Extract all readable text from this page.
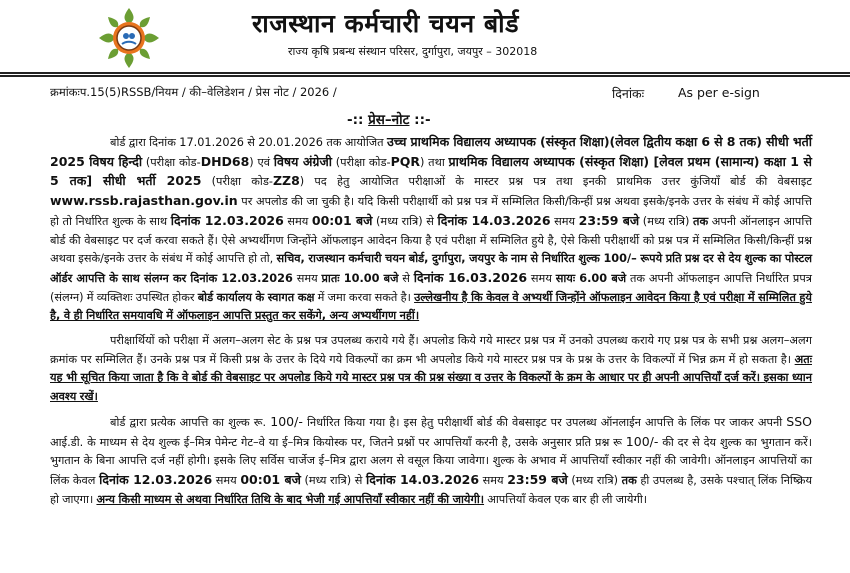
राजस्थान कर्मचारी चयन बोर्ड
राज्य कृषि प्रबन्ध संस्थान परिसर, दुर्गापुरा, जयपुर – 302018
क्रमांकःप.15(5)RSSB/नियम / की–वेलिडेशन / प्रेस नोट / 2026 /	दिनांकः	As per e-sign
-:: प्रेस–नोट ::-

बोर्ड द्वारा दिनांक 17.01.2026 से 20.01.2026 तक आयोजित उच्च प्राथमिक विद्यालय अध्यापक (संस्कृत शिक्षा)(लेवल द्वितीय कक्षा 6 से 8 तक) सीधी भर्ती 2025 विषय हिन्दी (परीक्षा कोड-DHD68) एवं विषय अंग्रेजी (परीक्षा कोड-PQR) तथा प्राथमिक विद्यालय अध्यापक (संस्कृत शिक्षा) [लेवल प्रथम (सामान्य) कक्षा 1 से 5 तक] सीधी भर्ती 2025 (परीक्षा कोड-ZZ8) पद हेतु आयोजित परीक्षाओं के मास्टर प्रश्न पत्र तथा इनकी प्राथमिक उत्तर कुंजियाँ बोर्ड की वेबसाइट www.rssb.rajasthan.gov.in पर अपलोड की जा चुकी है। यदि किसी परीक्षार्थी को प्रश्न पत्र में सम्मिलित किसी/किन्हीं प्रश्न अथवा इसके/इनके उत्तर के संबंध में कोई आपत्ति हो तो निर्धारित शुल्क के साथ दिनांक 12.03.2026 समय 00:01 बजे (मध्य रात्रि) से दिनांक 14.03.2026 समय 23:59 बजे (मध्य रात्रि) तक अपनी ऑनलाइन आपत्ति बोर्ड की वेबसाइट पर दर्ज करवा सकते हैं। ऐसे अभ्यर्थीगण जिन्होंने ऑफलाइन आवेदन किया है एवं परीक्षा में सम्मिलित हुये है, ऐसे किसी परीक्षार्थी को प्रश्न पत्र में सम्मिलित किसी/किन्हीं प्रश्न अथवा इसके/इनके उत्तर के संबंध में कोई आपत्ति हो तो, सचिव, राजस्थान कर्मचारी चयन बोर्ड, दुर्गापुरा, जयपुर के नाम से निर्धारित शुल्क 100/– रूपये प्रति प्रश्न दर से देय शुल्क का पोस्टल ऑर्डर आपत्ति के साथ संलग्न कर दिनांक 12.03.2026 समय प्रातः 10.00 बजे से दिनांक 16.03.2026 समय सायः 6.00 बजे तक अपनी ऑफलाइन आपत्ति निर्धारित प्रपत्र (संलग्न) में व्यक्तिशः उपस्थित होकर बोर्ड कार्यालय के स्वागत कक्ष में जमा करवा सकते है। उल्लेखनीय है कि केवल वे अभ्यर्थी जिन्होंने ऑफलाइन आवेदन किया है एवं परीक्षा में सम्मिलित हुये है, वे ही निर्धारित समयावधि में ऑफलाइन आपत्ति प्रस्तुत कर सकेंगे, अन्य अभ्यर्थीगण नहीं।

परीक्षार्थियों को परीक्षा में अलग–अलग सेट के प्रश्न पत्र उपलब्ध कराये गये हैं। अपलोड किये गये मास्टर प्रश्न पत्र में उनको उपलब्ध कराये गए प्रश्न पत्र के सभी प्रश्न अलग–अलग क्रमांक पर सम्मिलित हैं। उनके प्रश्न पत्र में किसी प्रश्न के उत्तर के दिये गये विकल्पों का क्रम भी अपलोड किये गये मास्टर प्रश्न पत्र के प्रश्न के उत्तर के विकल्पों में भिन्न क्रम में हो सकता है। अतः यह भी सूचित किया जाता है कि वे बोर्ड की वेबसाइट पर अपलोड किये गये मास्टर प्रश्न पत्र की प्रश्न संख्या व उत्तर के विकल्पों के क्रम के आधार पर ही अपनी आपत्तियाँ दर्ज करें। इसका ध्यान अवश्य रखें।

बोर्ड द्वारा प्रत्येक आपत्ति का शुल्क रू. 100/- निर्धारित किया गया है। इस हेतु परीक्षार्थी बोर्ड की वेबसाइट पर उपलब्ध ऑनलाईन आपत्ति के लिंक पर जाकर अपनी SSO आई.डी. के माध्यम से देय शुल्क ई–मित्र पेमेन्ट गेट–वे या ई–मित्र कियोस्क पर, जितने प्रश्नों पर आपत्तियाँ करनी है, उसके अनुसार प्रति प्रश्न रू 100/- की दर से देय शुल्क का भुगतान करें। भुगतान के बिना आपत्ति दर्ज नहीं होगी। इसके लिए सर्विस चार्जेज ई–मित्र द्वारा अलग से वसूल किया जावेगा। शुल्क के अभाव में आपत्तियाँ स्वीकार नहीं की जावेगी। ऑनलाइन आपत्तियों का लिंक केवल दिनांक 12.03.2026 समय 00:01 बजे (मध्य रात्रि) से दिनांक 14.03.2026 समय 23:59 बजे (मध्य रात्रि) तक ही उपलब्ध है, उसके पश्चात् लिंक निष्क्रिय हो जाएगा। अन्य किसी माध्यम से अथवा निर्धारित तिथि के बाद भेजी गई आपत्तियाँ स्वीकार नहीं की जायेगी। आपत्तियाँ केवल एक बार ही ली जायेगी।
